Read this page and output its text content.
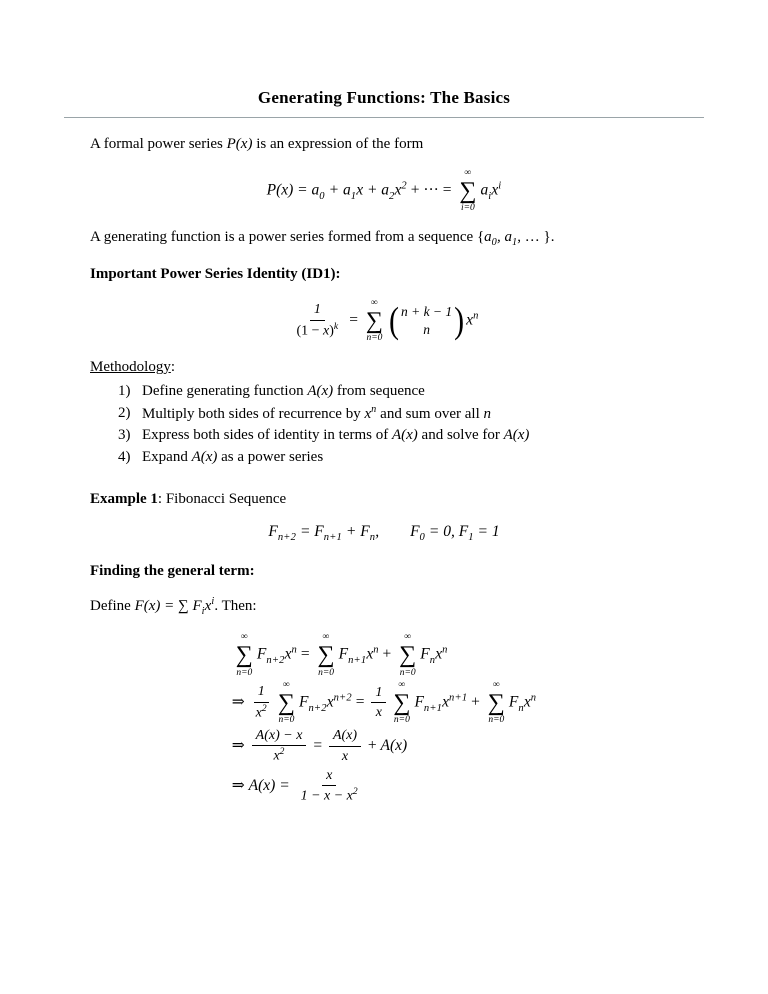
Generating Functions: The Basics

A formal power series P(x) is an expression of the form

$P(x) = a_0 + a_1x + a_2x^2$ + ··· =
∞
∑
i=0
$a_ix^i$

A generating function is a power series formed from a sequence {$a_0$, $a_1$, … }.

Important Power Series Identity (ID1):

$\frac{1}{(1 - x)^k}$ =
∞
∑
n=0 ( n + k − 1
n ) $x^n$

Methodology:

1) Define generating function A(x) from sequence
2) Multiply both sides of recurrence by $x^n$ and sum over all n
3) Express both sides of identity in terms of A(x) and solve for A(x)
4) Expand A(x) as a power series

Example 1: Fibonacci Sequence

$F_{n+2} = F_{n+1} + F_n$, $F_0 = 0$, $F_1 = 1$

Finding the general term:

Define F(x) = ∑ $F_ix^i$. Then:

∞
∑
n=0
$F_{n+2}x^n$ =
∞
∑
n=0
$F_{n+1}x^n$ +
∞
∑
n=0
$F_nx^n$
⇒ $\frac{1}{x^2}$ ∞
∑
n=0
$F_{n+2}x^{n+2} = \frac{1}{x}$ ∞
∑
n=0
$F_{n+1}x^{n+1}$ +
∞
∑
n=0
$F_nx^n$
⇒ $\frac{A(x) - x}{x^2} = \frac{A(x)}{x} + A(x)$
⇒ $A(x) = \frac{x}{1 - x - x^2}$
